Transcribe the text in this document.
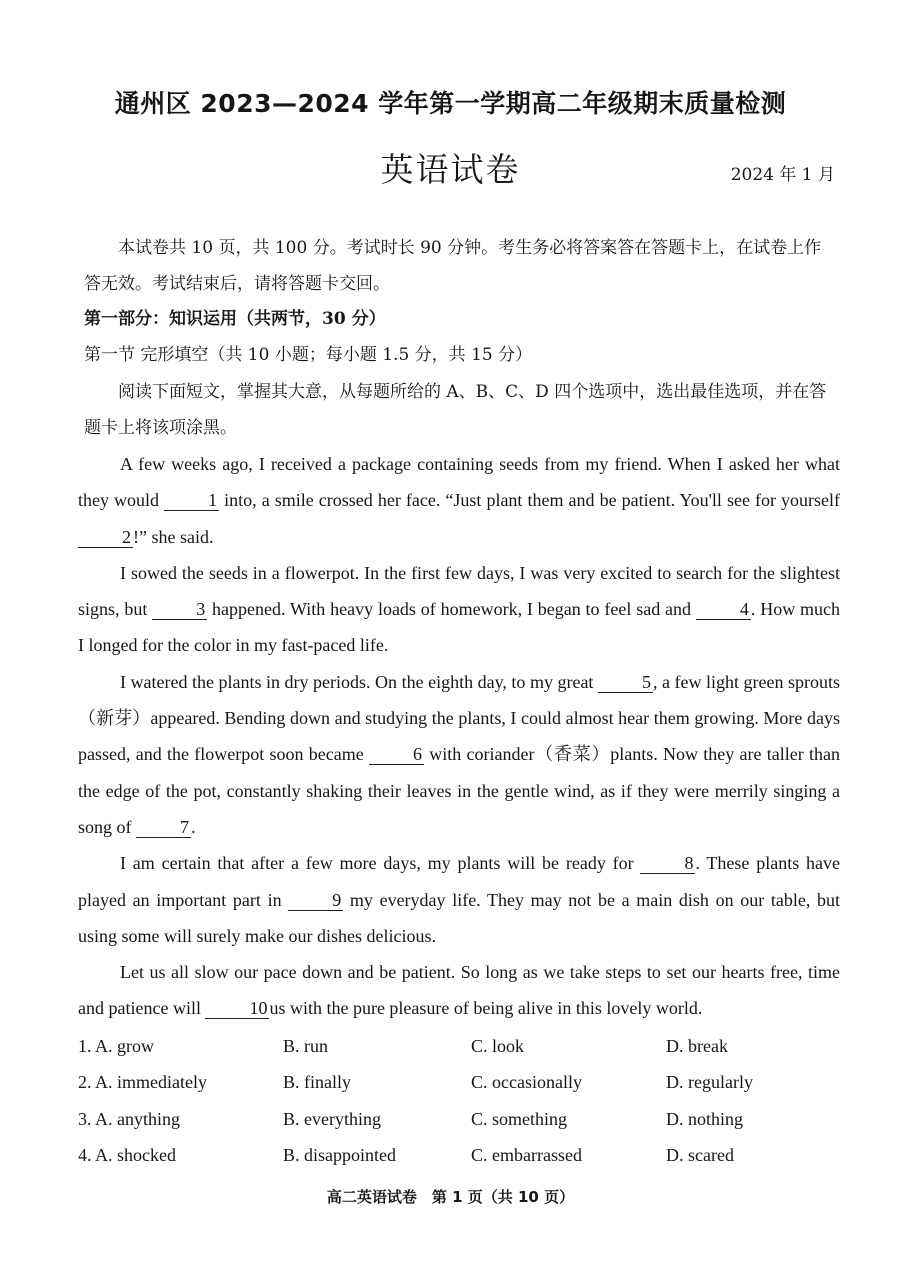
通州区 2023—2024 学年第一学期高二年级期末质量检测
英语试卷	2024 年 1 月
本试卷共 10 页，共 100 分。考试时长 90 分钟。考生务必将答案答在答题卡上，在试卷上作答无效。考试结束后，请将答题卡交回。
第一部分：知识运用（共两节，30 分）
第一节 完形填空（共 10 小题；每小题 1.5 分，共 15 分）
阅读下面短文，掌握其大意，从每题所给的 A、B、C、D 四个选项中，选出最佳选项，并在答题卡上将该项涂黑。

A few weeks ago, I received a package containing seeds from my friend. When I asked her what they would	1 into, a smile crossed her face. “Just plant them and be patient. You'll see for yourself 2 !” she said.

I sowed the seeds in a flowerpot. In the first few days, I was very excited to search for the slightest signs, but	3 happened. With heavy loads of homework, I began to feel sad and	4 . How much I longed for the color in my fast-paced life.

I watered the plants in dry periods. On the eighth day, to my great	5 , a few light green sprouts（新芽）appeared. Bending down and studying the plants, I could almost hear them growing. More days passed, and the flowerpot soon became	6 with coriander（香菜）plants. Now they are taller than the edge of the pot, constantly shaking their leaves in the gentle wind, as if they were merrily singing a song of	7 .

I am certain that after a few more days, my plants will be ready for	8 . These plants have played an important part in	9 my everyday life. They may not be a main dish on our table, but using some will surely make our dishes delicious.

Let us all slow our pace down and be patient. So long as we take steps to set our hearts free, time and patience will	10 us with the pure pleasure of being alive in this lovely world.

1. A. grow	B. run	C. look	D. break
2. A. immediately	B. finally	C. occasionally	D. regularly
3. A. anything	B. everything	C. something	D. nothing
4. A. shocked	B. disappointed	C. embarrassed	D. scared
高二英语试卷　第 1 页（共 10 页）
